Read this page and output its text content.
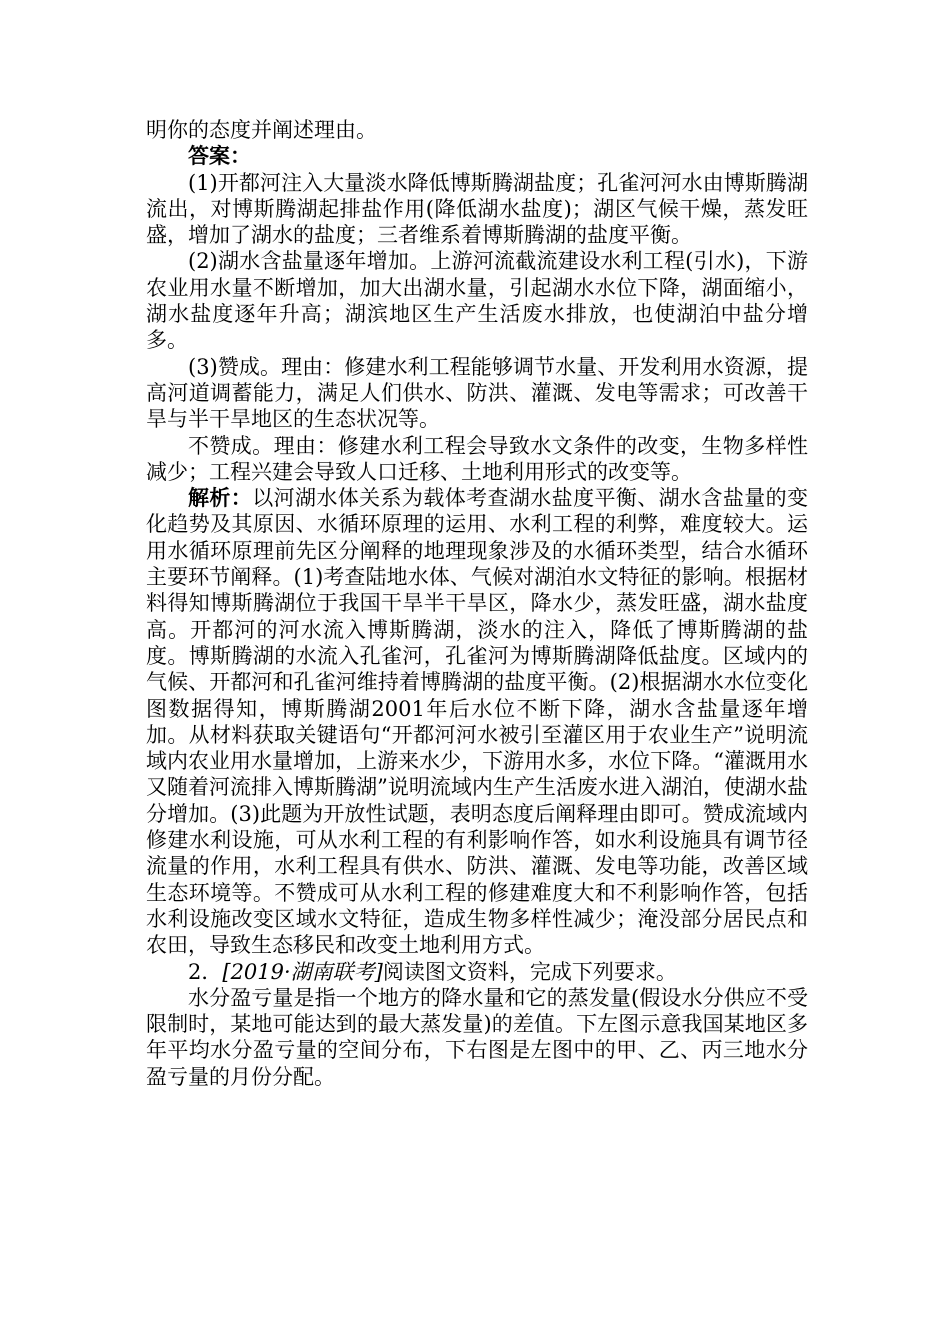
明你的态度并阐述理由。

答案：

(1)开都河注入大量淡水降低博斯腾湖盐度；孔雀河河水由博斯腾湖流出，对博斯腾湖起排盐作用(降低湖水盐度)；湖区气候干燥，蒸发旺盛，增加了湖水的盐度；三者维系着博斯腾湖的盐度平衡。

(2)湖水含盐量逐年增加。上游河流截流建设水利工程(引水)，下游农业用水量不断增加，加大出湖水量，引起湖水水位下降，湖面缩小，湖水盐度逐年升高；湖滨地区生产生活废水排放，也使湖泊中盐分增多。

(3)赞成。理由：修建水利工程能够调节水量、开发利用水资源，提高河道调蓄能力，满足人们供水、防洪、灌溉、发电等需求；可改善干旱与半干旱地区的生态状况等。

不赞成。理由：修建水利工程会导致水文条件的改变，生物多样性减少；工程兴建会导致人口迁移、土地利用形式的改变等。

解析：以河湖水体关系为载体考查湖水盐度平衡、湖水含盐量的变化趋势及其原因、水循环原理的运用、水利工程的利弊，难度较大。运用水循环原理前先区分阐释的地理现象涉及的水循环类型，结合水循环主要环节阐释。(1)考查陆地水体、气候对湖泊水文特征的影响。根据材料得知博斯腾湖位于我国干旱半干旱区，降水少，蒸发旺盛，湖水盐度高。开都河的河水流入博斯腾湖，淡水的注入，降低了博斯腾湖的盐度。博斯腾湖的水流入孔雀河，孔雀河为博斯腾湖降低盐度。区域内的气候、开都河和孔雀河维持着博腾湖的盐度平衡。(2)根据湖水水位变化图数据得知，博斯腾湖2001年后水位不断下降，湖水含盐量逐年增加。从材料获取关键语句“开都河河水被引至灌区用于农业生产”说明流域内农业用水量增加，上游来水少，下游用水多，水位下降。“灌溉用水又随着河流排入博斯腾湖”说明流域内生产生活废水进入湖泊，使湖水盐分增加。(3)此题为开放性试题，表明态度后阐释理由即可。赞成流域内修建水利设施，可从水利工程的有利影响作答，如水利设施具有调节径流量的作用，水利工程具有供水、防洪、灌溉、发电等功能，改善区域生态环境等。不赞成可从水利工程的修建难度大和不利影响作答，包括水利设施改变区域水文特征，造成生物多样性减少；淹没部分居民点和农田，导致生态移民和改变土地利用方式。

2．[2019·湖南联考]阅读图文资料，完成下列要求。

水分盈亏量是指一个地方的降水量和它的蒸发量(假设水分供应不受限制时，某地可能达到的最大蒸发量)的差值。下左图示意我国某地区多年平均水分盈亏量的空间分布，下右图是左图中的甲、乙、丙三地水分盈亏量的月份分配。
